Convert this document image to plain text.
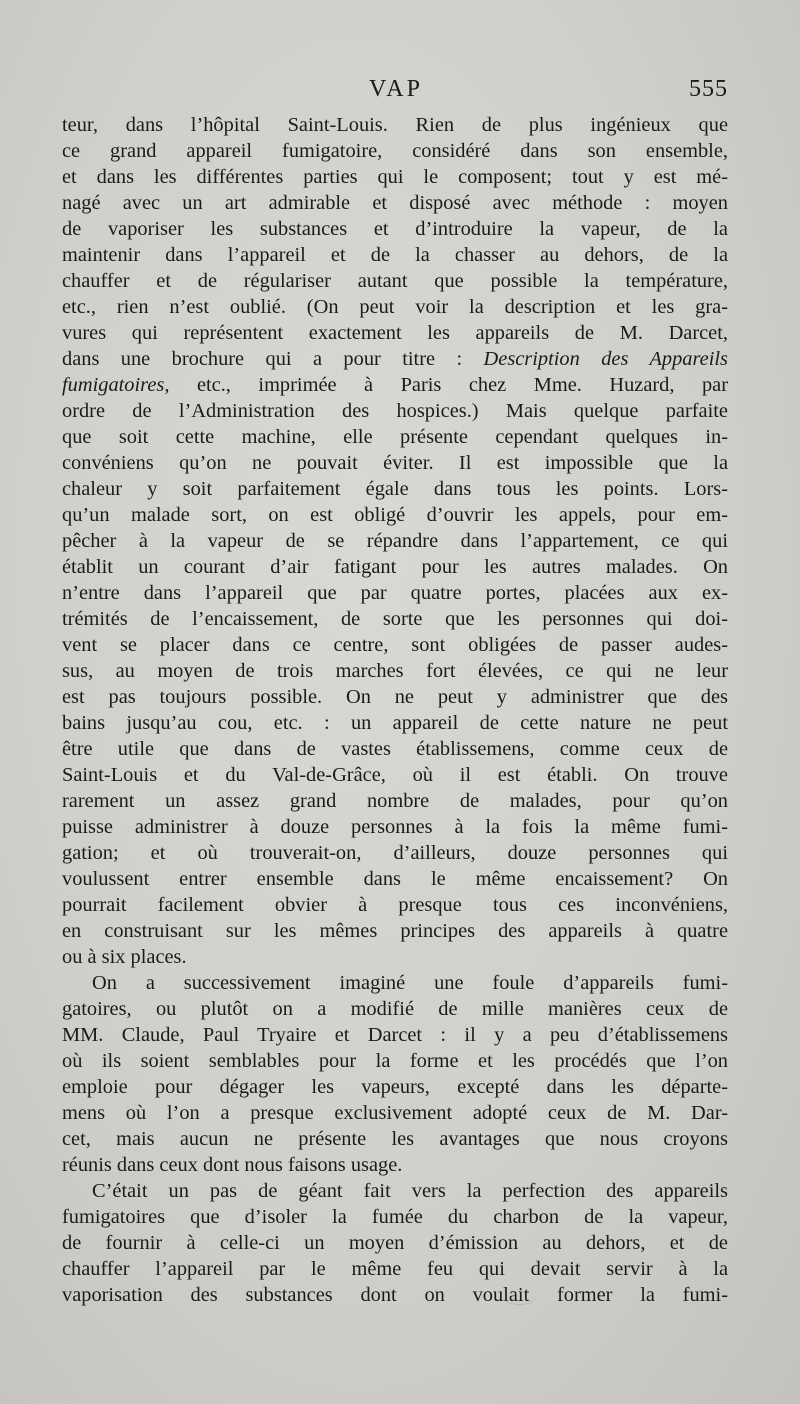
VAP	555
teur, dans l’hôpital Saint-Louis. Rien de plus ingénieux que
ce grand appareil fumigatoire, considéré dans son ensemble,
et dans les différentes parties qui le composent; tout y est mé-
nagé avec un art admirable et disposé avec méthode : moyen
de vaporiser les substances et d’introduire la vapeur, de la
maintenir dans l’appareil et de la chasser au dehors, de la
chauffer et de régulariser autant que possible la température,
etc., rien n’est oublié. (On peut voir la description et les gra-
vures qui représentent exactement les appareils de M. Darcet,
dans une brochure qui a pour titre : Description des Appareils
fumigatoires, etc., imprimée à Paris chez Mme. Huzard, par
ordre de l’Administration des hospices.) Mais quelque parfaite
que soit cette machine, elle présente cependant quelques in-
convéniens qu’on ne pouvait éviter. Il est impossible que la
chaleur y soit parfaitement égale dans tous les points. Lors-
qu’un malade sort, on est obligé d’ouvrir les appels, pour em-
pêcher à la vapeur de se répandre dans l’appartement, ce qui
établit un courant d’air fatigant pour les autres malades. On
n’entre dans l’appareil que par quatre portes, placées aux ex-
trémités de l’encaissement, de sorte que les personnes qui doi-
vent se placer dans ce centre, sont obligées de passer audes-
sus, au moyen de trois marches fort élevées, ce qui ne leur
est pas toujours possible. On ne peut y administrer que des
bains jusqu’au cou, etc. : un appareil de cette nature ne peut
être utile que dans de vastes établissemens, comme ceux de
Saint-Louis et du Val-de-Grâce, où il est établi. On trouve
rarement un assez grand nombre de malades, pour qu’on
puisse administrer à douze personnes à la fois la même fumi-
gation; et où trouverait-on, d’ailleurs, douze personnes qui
voulussent entrer ensemble dans le même encaissement? On
pourrait facilement obvier à presque tous ces inconvéniens,
en construisant sur les mêmes principes des appareils à quatre
ou à six places.
On a successivement imaginé une foule d’appareils fumi-
gatoires, ou plutôt on a modifié de mille manières ceux de
MM. Claude, Paul Tryaire et Darcet : il y a peu d’établissemens
où ils soient semblables pour la forme et les procédés que l’on
emploie pour dégager les vapeurs, excepté dans les départe-
mens où l’on a presque exclusivement adopté ceux de M. Dar-
cet, mais aucun ne présente les avantages que nous croyons
réunis dans ceux dont nous faisons usage.
C’était un pas de géant fait vers la perfection des appareils
fumigatoires que d’isoler la fumée du charbon de la vapeur,
de fournir à celle-ci un moyen d’émission au dehors, et de
chauffer l’appareil par le même feu qui devait servir à la
vaporisation des substances dont on voulait former la fumi-
